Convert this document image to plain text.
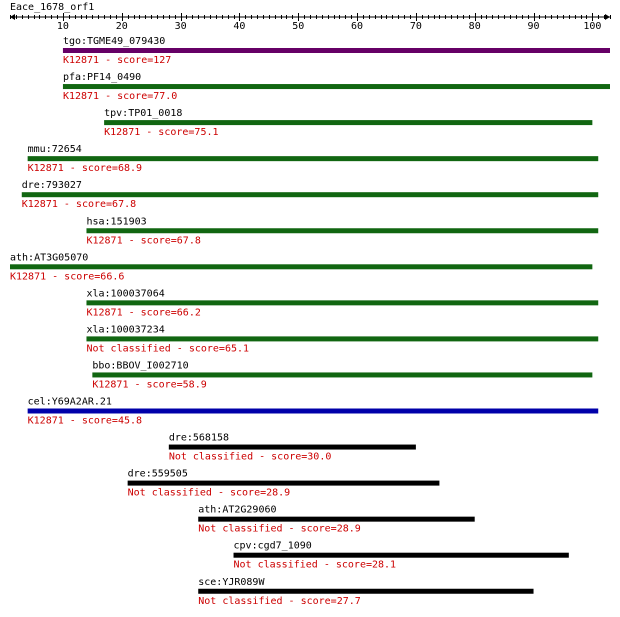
Eace_1678_orf1
10	20	30	40	50	60	70	80	90	100
tgo:TGME49_079430
K12871 - score=127
pfa:PF14_0490
K12871 - score=77.0
tpv:TP01_0018
K12871 - score=75.1
mmu:72654
K12871 - score=68.9
dre:793027
K12871 - score=67.8
hsa:151903
K12871 - score=67.8
ath:AT3G05070
K12871 - score=66.6
xla:100037064
K12871 - score=66.2
xla:100037234
Not classified - score=65.1
bbo:BBOV_I002710
K12871 - score=58.9
cel:Y69A2AR.21
K12871 - score=45.8
dre:568158
Not classified - score=30.0
dre:559505
Not classified - score=28.9
ath:AT2G29060
Not classified - score=28.9
cpv:cgd7_1090
Not classified - score=28.1
sce:YJR089W
Not classified - score=27.7
